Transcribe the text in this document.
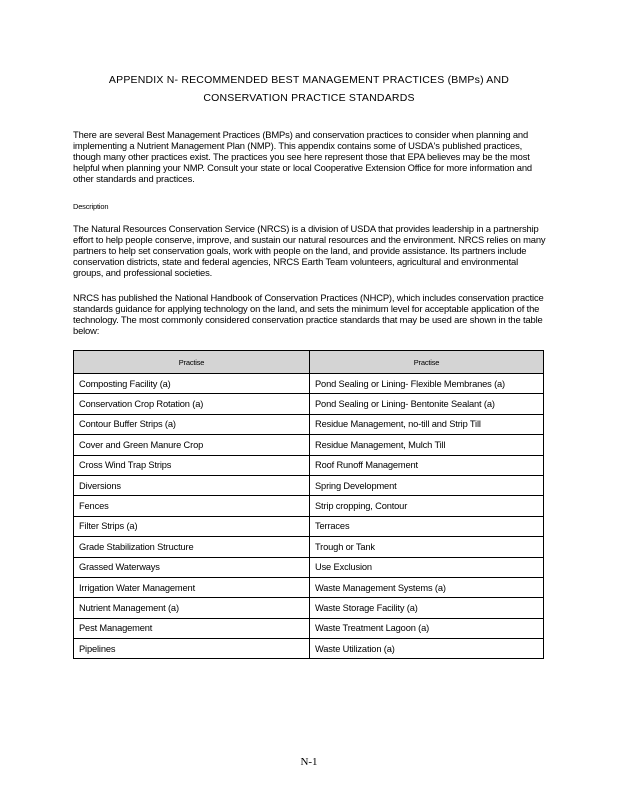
APPENDIX N- RECOMMENDED BEST MANAGEMENT PRACTICES (BMPs) AND
CONSERVATION PRACTICE STANDARDS

There are several Best Management Practices (BMPs) and conservation practices to consider when planning and implementing a Nutrient Management Plan (NMP). This appendix contains some of USDA's published practices, though many other practices exist. The practices you see here represent those that EPA believes may be the most helpful when planning your NMP. Consult your state or local Cooperative Extension Office for more information and other standards and practices.

Description

The Natural Resources Conservation Service (NRCS) is a division of USDA that provides leadership in a partnership effort to help people conserve, improve, and sustain our natural resources and the environment. NRCS relies on many partners to help set conservation goals, work with people on the land, and provide assistance. Its partners include conservation districts, state and federal agencies, NRCS Earth Team volunteers, agricultural and environmental groups, and professional societies.

NRCS has published the National Handbook of Conservation Practices (NHCP), which includes conservation practice standards guidance for applying technology on the land, and sets the minimum level for acceptable application of the technology. The most commonly considered conservation practice standards that may be used are shown in the table below:

Practise	Practise
Composting Facility (a)	Pond Sealing or Lining- Flexible Membranes (a)
Conservation Crop Rotation (a)	Pond Sealing or Lining- Bentonite Sealant (a)
Contour Buffer Strips (a)	Residue Management, no-till and Strip Till
Cover and Green Manure Crop	Residue Management, Mulch Till
Cross Wind Trap Strips	Roof Runoff Management
Diversions	Spring Development
Fences	Strip cropping, Contour
Filter Strips (a)	Terraces
Grade Stabilization Structure	Trough or Tank
Grassed Waterways	Use Exclusion
Irrigation Water Management	Waste Management Systems (a)
Nutrient Management (a)	Waste Storage Facility (a)
Pest Management	Waste Treatment Lagoon (a)
Pipelines	Waste Utilization (a)
N-1
